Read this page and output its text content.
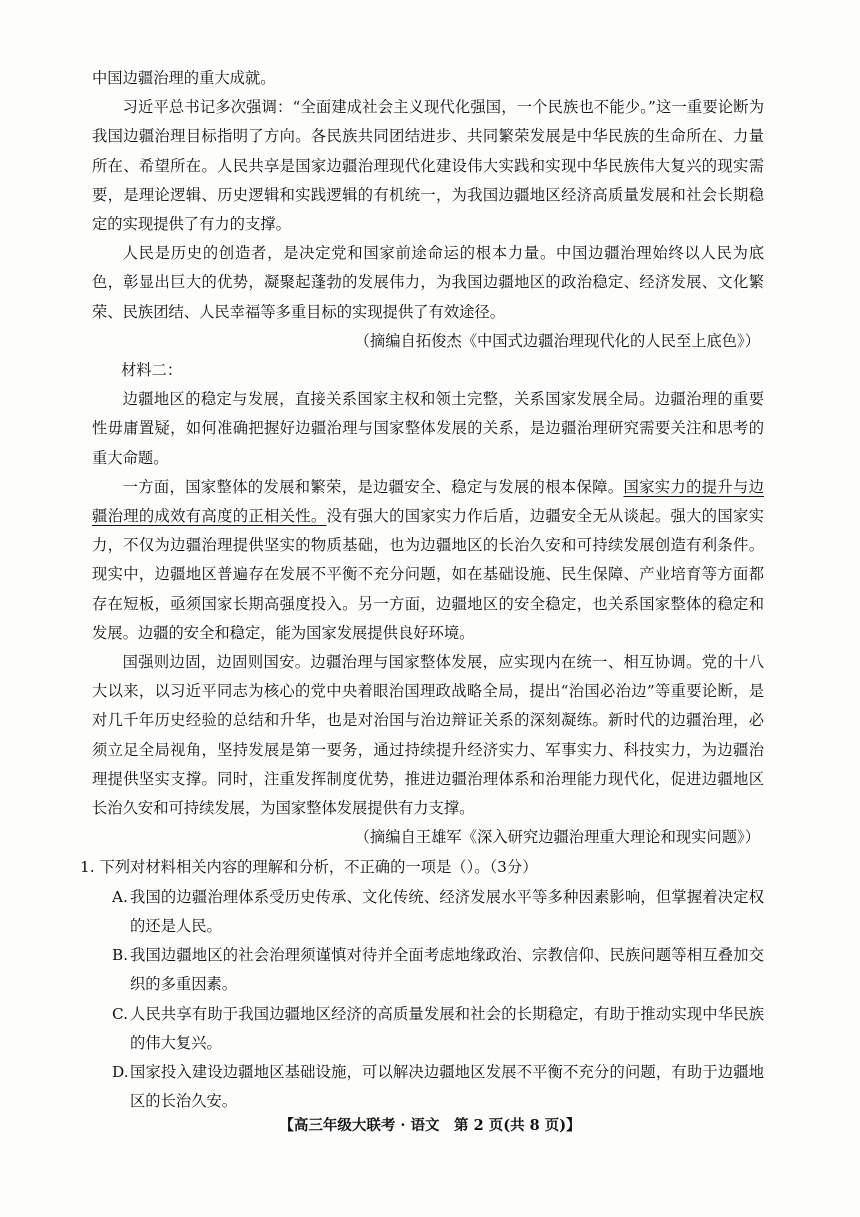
中国边疆治理的重大成就。

习近平总书记多次强调：“全面建成社会主义现代化强国，一个民族也不能少。”这一重要论断为我国边疆治理目标指明了方向。各民族共同团结进步、共同繁荣发展是中华民族的生命所在、力量所在、希望所在。人民共享是国家边疆治理现代化建设伟大实践和实现中华民族伟大复兴的现实需要，是理论逻辑、历史逻辑和实践逻辑的有机统一，为我国边疆地区经济高质量发展和社会长期稳定的实现提供了有力的支撑。

人民是历史的创造者，是决定党和国家前途命运的根本力量。中国边疆治理始终以人民为底色，彰显出巨大的优势，凝聚起蓬勃的发展伟力，为我国边疆地区的政治稳定、经济发展、文化繁荣、民族团结、人民幸福等多重目标的实现提供了有效途径。

（摘编自拓俊杰《中国式边疆治理现代化的人民至上底色》）

材料二：

边疆地区的稳定与发展，直接关系国家主权和领土完整，关系国家发展全局。边疆治理的重要性毋庸置疑，如何准确把握好边疆治理与国家整体发展的关系，是边疆治理研究需要关注和思考的重大命题。

一方面，国家整体的发展和繁荣，是边疆安全、稳定与发展的根本保障。国家实力的提升与边疆治理的成效有高度的正相关性。没有强大的国家实力作后盾，边疆安全无从谈起。强大的国家实力，不仅为边疆治理提供坚实的物质基础，也为边疆地区的长治久安和可持续发展创造有利条件。现实中，边疆地区普遍存在发展不平衡不充分问题，如在基础设施、民生保障、产业培育等方面都存在短板，亟须国家长期高强度投入。另一方面，边疆地区的安全稳定，也关系国家整体的稳定和发展。边疆的安全和稳定，能为国家发展提供良好环境。

国强则边固，边固则国安。边疆治理与国家整体发展，应实现内在统一、相互协调。党的十八大以来，以习近平同志为核心的党中央着眼治国理政战略全局，提出“治国必治边”等重要论断，是对几千年历史经验的总结和升华，也是对治国与治边辩证关系的深刻凝练。新时代的边疆治理，必须立足全局视角，坚持发展是第一要务，通过持续提升经济实力、军事实力、科技实力，为边疆治理提供坚实支撑。同时，注重发挥制度优势，推进边疆治理体系和治理能力现代化，促进边疆地区长治久安和可持续发展，为国家整体发展提供有力支撑。

（摘编自王雄军《深入研究边疆治理重大理论和现实问题》）

1. 下列对材料相关内容的理解和分析，不正确的一项是（）。（3分）

A. 我国的边疆治理体系受历史传承、文化传统、经济发展水平等多种因素影响，但掌握着决定权的还是人民。

B. 我国边疆地区的社会治理须谨慎对待并全面考虑地缘政治、宗教信仰、民族问题等相互叠加交织的多重因素。

C. 人民共享有助于我国边疆地区经济的高质量发展和社会的长期稳定，有助于推动实现中华民族的伟大复兴。

D. 国家投入建设边疆地区基础设施，可以解决边疆地区发展不平衡不充分的问题，有助于边疆地区的长治久安。

【高三年级大联考 · 语文　第 2 页(共 8 页)】
